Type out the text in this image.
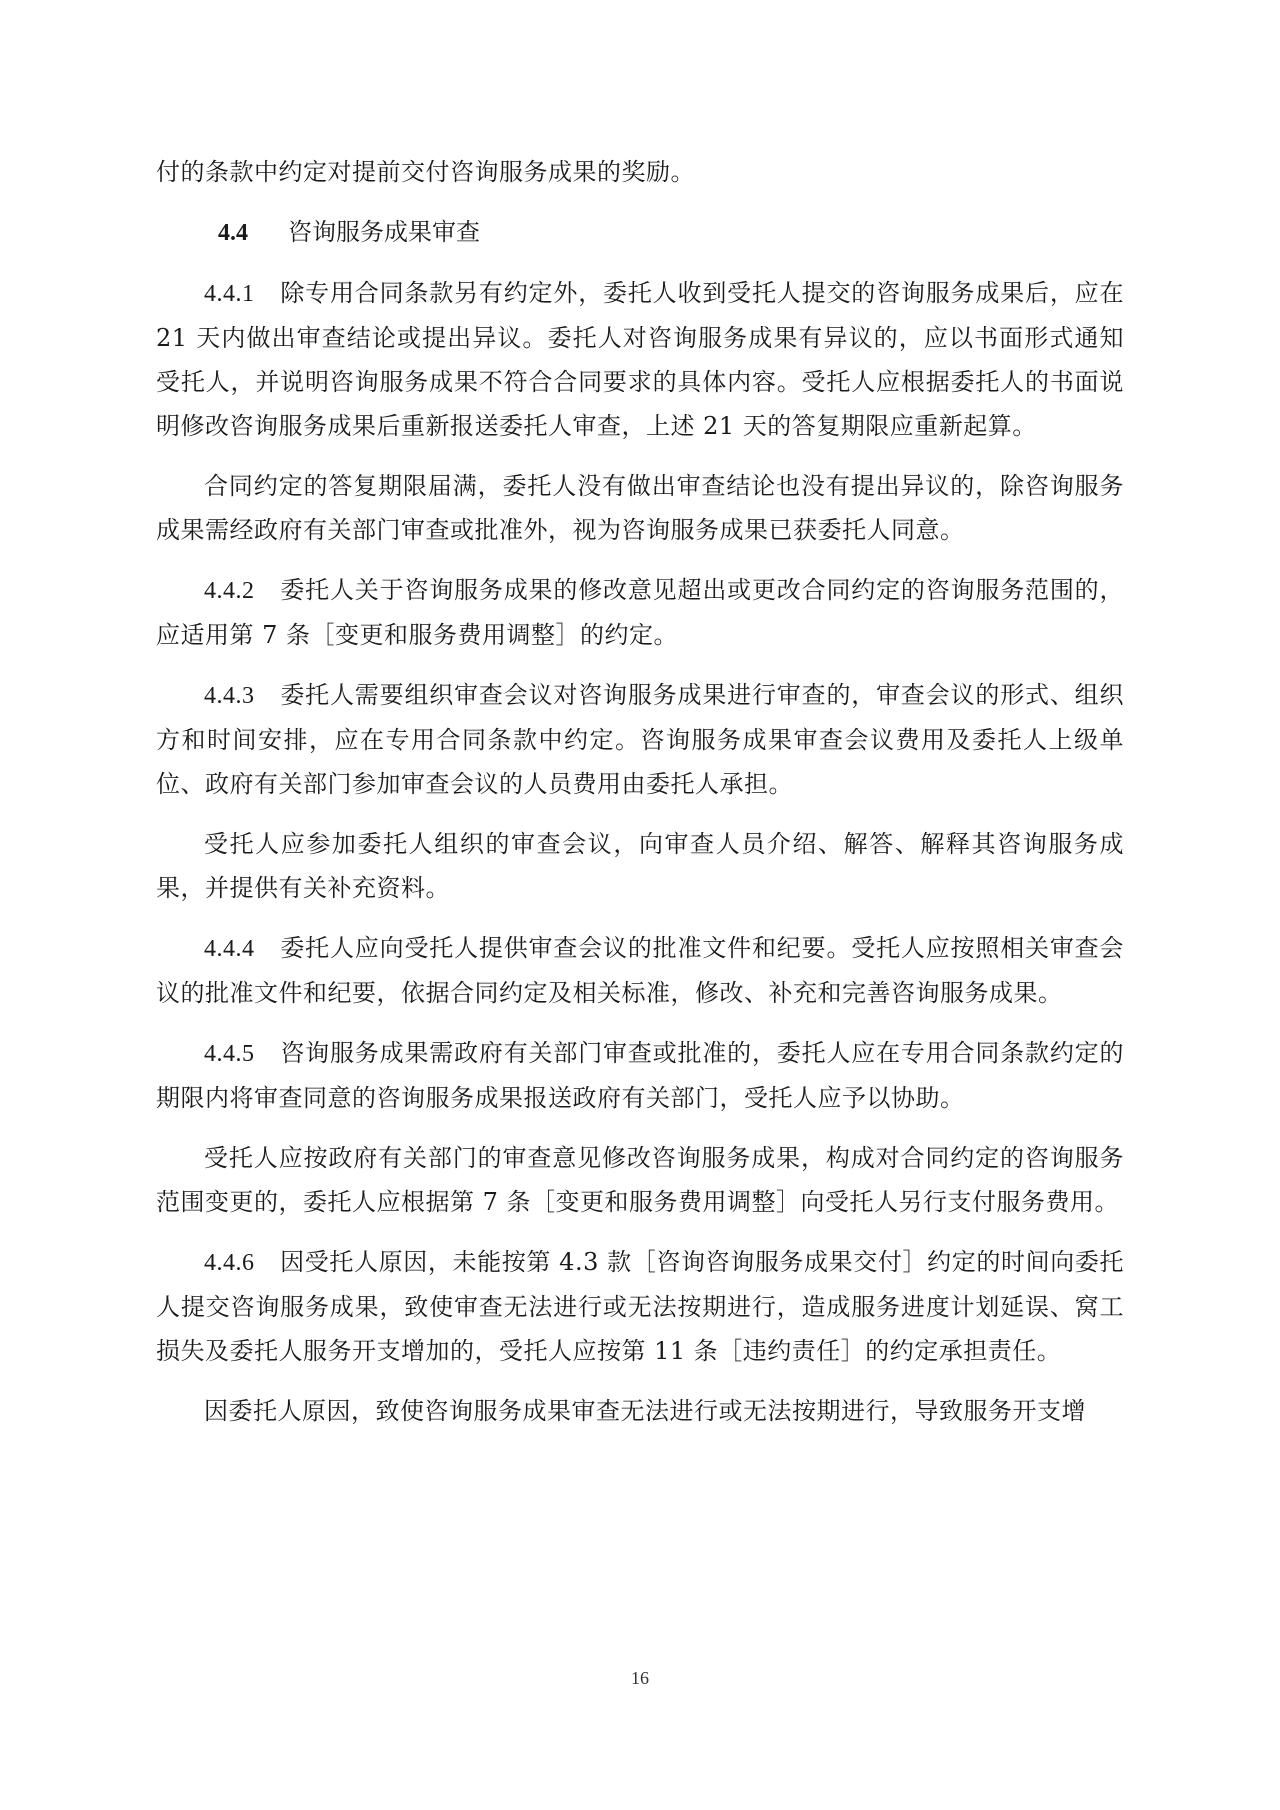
付的条款中约定对提前交付咨询服务成果的奖励。

4.4	咨询服务成果审查

4.4.1 除专用合同条款另有约定外，委托人收到受托人提交的咨询服务成果后，应在 21 天内做出审查结论或提出异议。委托人对咨询服务成果有异议的，应以书面形式通知受托人，并说明咨询服务成果不符合合同要求的具体内容。受托人应根据委托人的书面说明修改咨询服务成果后重新报送委托人审查，上述 21 天的答复期限应重新起算。

合同约定的答复期限届满，委托人没有做出审查结论也没有提出异议的，除咨询服务成果需经政府有关部门审查或批准外，视为咨询服务成果已获委托人同意。

4.4.2 委托人关于咨询服务成果的修改意见超出或更改合同约定的咨询服务范围的，应适用第 7 条［变更和服务费用调整］的约定。

4.4.3 委托人需要组织审查会议对咨询服务成果进行审查的，审查会议的形式、组织方和时间安排，应在专用合同条款中约定。咨询服务成果审查会议费用及委托人上级单位、政府有关部门参加审查会议的人员费用由委托人承担。

受托人应参加委托人组织的审查会议，向审查人员介绍、解答、解释其咨询服务成果，并提供有关补充资料。

4.4.4 委托人应向受托人提供审查会议的批准文件和纪要。受托人应按照相关审查会议的批准文件和纪要，依据合同约定及相关标准，修改、补充和完善咨询服务成果。

4.4.5 咨询服务成果需政府有关部门审查或批准的，委托人应在专用合同条款约定的期限内将审查同意的咨询服务成果报送政府有关部门，受托人应予以协助。

受托人应按政府有关部门的审查意见修改咨询服务成果，构成对合同约定的咨询服务范围变更的，委托人应根据第 7 条［变更和服务费用调整］向受托人另行支付服务费用。

4.4.6 因受托人原因，未能按第 4.3 款［咨询咨询服务成果交付］约定的时间向委托人提交咨询服务成果，致使审查无法进行或无法按期进行，造成服务进度计划延误、窝工损失及委托人服务开支增加的，受托人应按第 11 条［违约责任］的约定承担责任。

因委托人原因，致使咨询服务成果审查无法进行或无法按期进行，导致服务开支增

16
